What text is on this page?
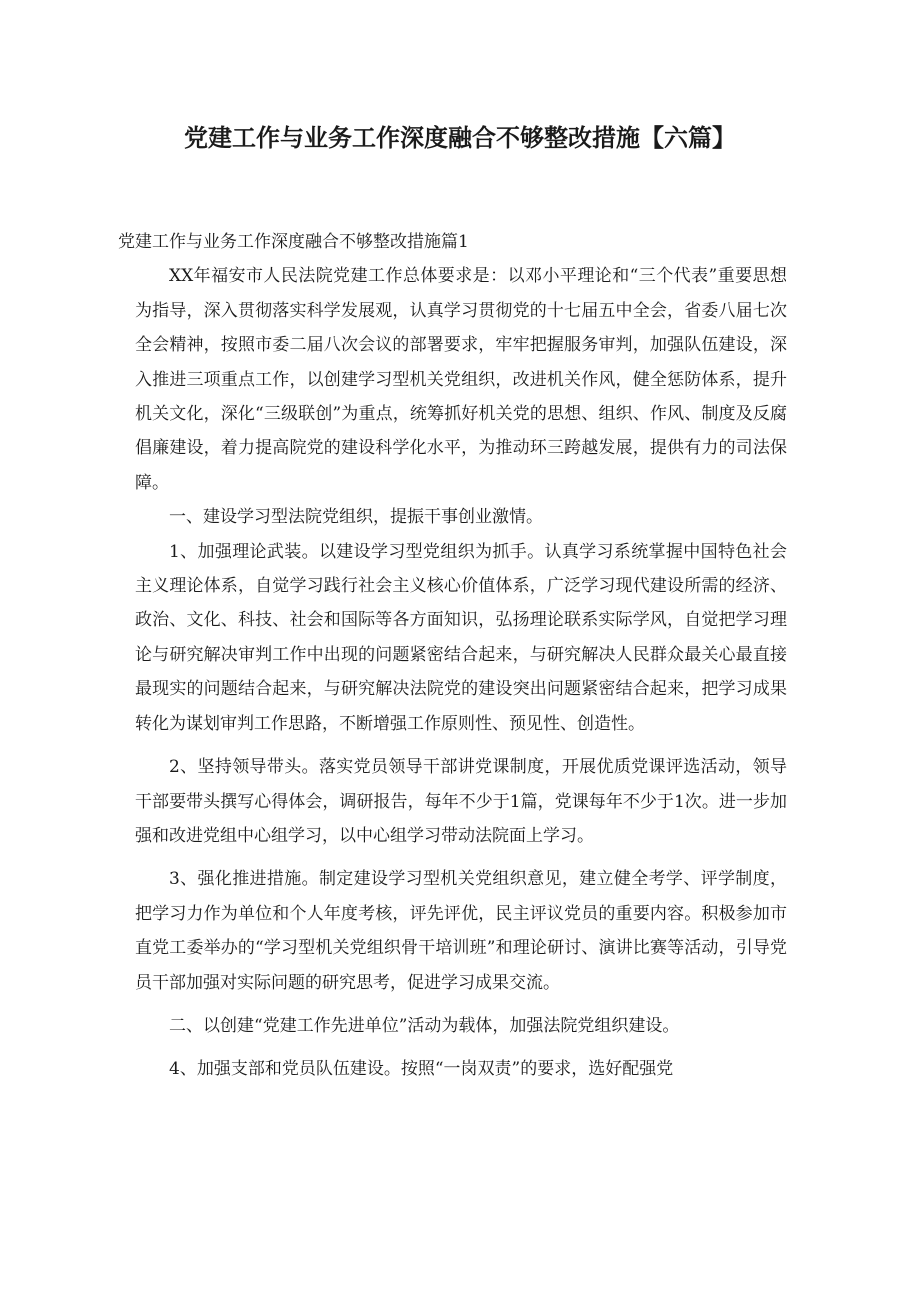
党建工作与业务工作深度融合不够整改措施【六篇】

党建工作与业务工作深度融合不够整改措施篇1

XX年福安市人民法院党建工作总体要求是：以邓小平理论和“三个代表”重要思想为指导，深入贯彻落实科学发展观，认真学习贯彻党的十七届五中全会，省委八届七次全会精神，按照市委二届八次会议的部署要求，牢牢把握服务审判，加强队伍建设，深入推进三项重点工作，以创建学习型机关党组织，改进机关作风，健全惩防体系，提升机关文化，深化“三级联创”为重点，统筹抓好机关党的思想、组织、作风、制度及反腐倡廉建设，着力提高院党的建设科学化水平，为推动环三跨越发展，提供有力的司法保障。

一、建设学习型法院党组织，提振干事创业激情。

1、加强理论武装。以建设学习型党组织为抓手。认真学习系统掌握中国特色社会主义理论体系，自觉学习践行社会主义核心价值体系，广泛学习现代建设所需的经济、政治、文化、科技、社会和国际等各方面知识，弘扬理论联系实际学风，自觉把学习理论与研究解决审判工作中出现的问题紧密结合起来，与研究解决人民群众最关心最直接最现实的问题结合起来，与研究解决法院党的建设突出问题紧密结合起来，把学习成果转化为谋划审判工作思路，不断增强工作原则性、预见性、创造性。

2、坚持领导带头。落实党员领导干部讲党课制度，开展优质党课评选活动，领导干部要带头撰写心得体会，调研报告，每年不少于1篇，党课每年不少于1次。进一步加强和改进党组中心组学习，以中心组学习带动法院面上学习。

3、强化推进措施。制定建设学习型机关党组织意见，建立健全考学、评学制度，把学习力作为单位和个人年度考核，评先评优，民主评议党员的重要内容。积极参加市直党工委举办的“学习型机关党组织骨干培训班”和理论研讨、演讲比赛等活动，引导党员干部加强对实际问题的研究思考，促进学习成果交流。

二、以创建“党建工作先进单位”活动为载体，加强法院党组织建设。

4、加强支部和党员队伍建设。按照“一岗双责”的要求，选好配强党
